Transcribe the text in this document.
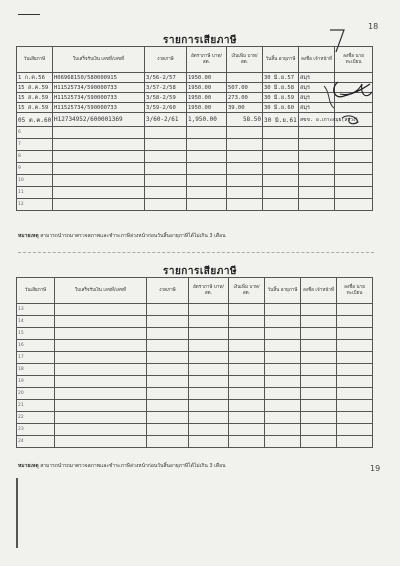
18
รายการเสียภาษี
วันเสียภาษี	ใบเสร็จรับเงิน เลขที่/เลขที่	งวดภาษี	อัตราภาษี บาท/สต.	เงินเพิ่ม บาท/สต.	วันสิ้น อายุภาษี	ลงชื่อ เจ้าหน้าที่	ลงชื่อ นายทะเบียน
1 ก.ค.56	H06968150/580000915	3/56-2/57	1950.00		30 มิ.ย.57	สมุร	
15 ส.ค.59	H11525734/590000733	3/57-2/58	1950.00	507.00	30 มิ.ย.58	สมุร	
15 ส.ค.59	H11525734/590000733	3/58-2/59	1950.00	273.00	30 มิ.ย.59	สมุร	
15 ส.ค.59	H11525734/590000733	3/59-2/60	1950.00	39.00	30 มิ.ย.60	สมุร	
05 ต.ค.60	H12734952/600001369	3/60-2/61	1,950.00	58.50	30 มิ.ย.61	สขข. อ.เกาะสมุย(สรวง)	
6							
7							
8							
9							
10							
11							
12							
หมายเหตุ สามารถนำรถมาตรวจสภาพและชำระภาษีล่วงหน้าก่อนวันสิ้นอายุภาษีได้ไม่เกิน 3 เดือน
รายการเสียภาษี
วันเสียภาษี	ใบเสร็จรับเงิน เลขที่/เลขที่	งวดภาษี	อัตราภาษี บาท/สต.	เงินเพิ่ม บาท/สต.	วันสิ้น อายุภาษี	ลงชื่อ เจ้าหน้าที่	ลงชื่อ นายทะเบียน
13							
14							
15							
16							
17							
18							
19							
20							
21							
22							
23							
24							
หมายเหตุ สามารถนำรถมาตรวจสภาพและชำระภาษีล่วงหน้าก่อนวันสิ้นอายุภาษีได้ไม่เกิน 3 เดือน	19
